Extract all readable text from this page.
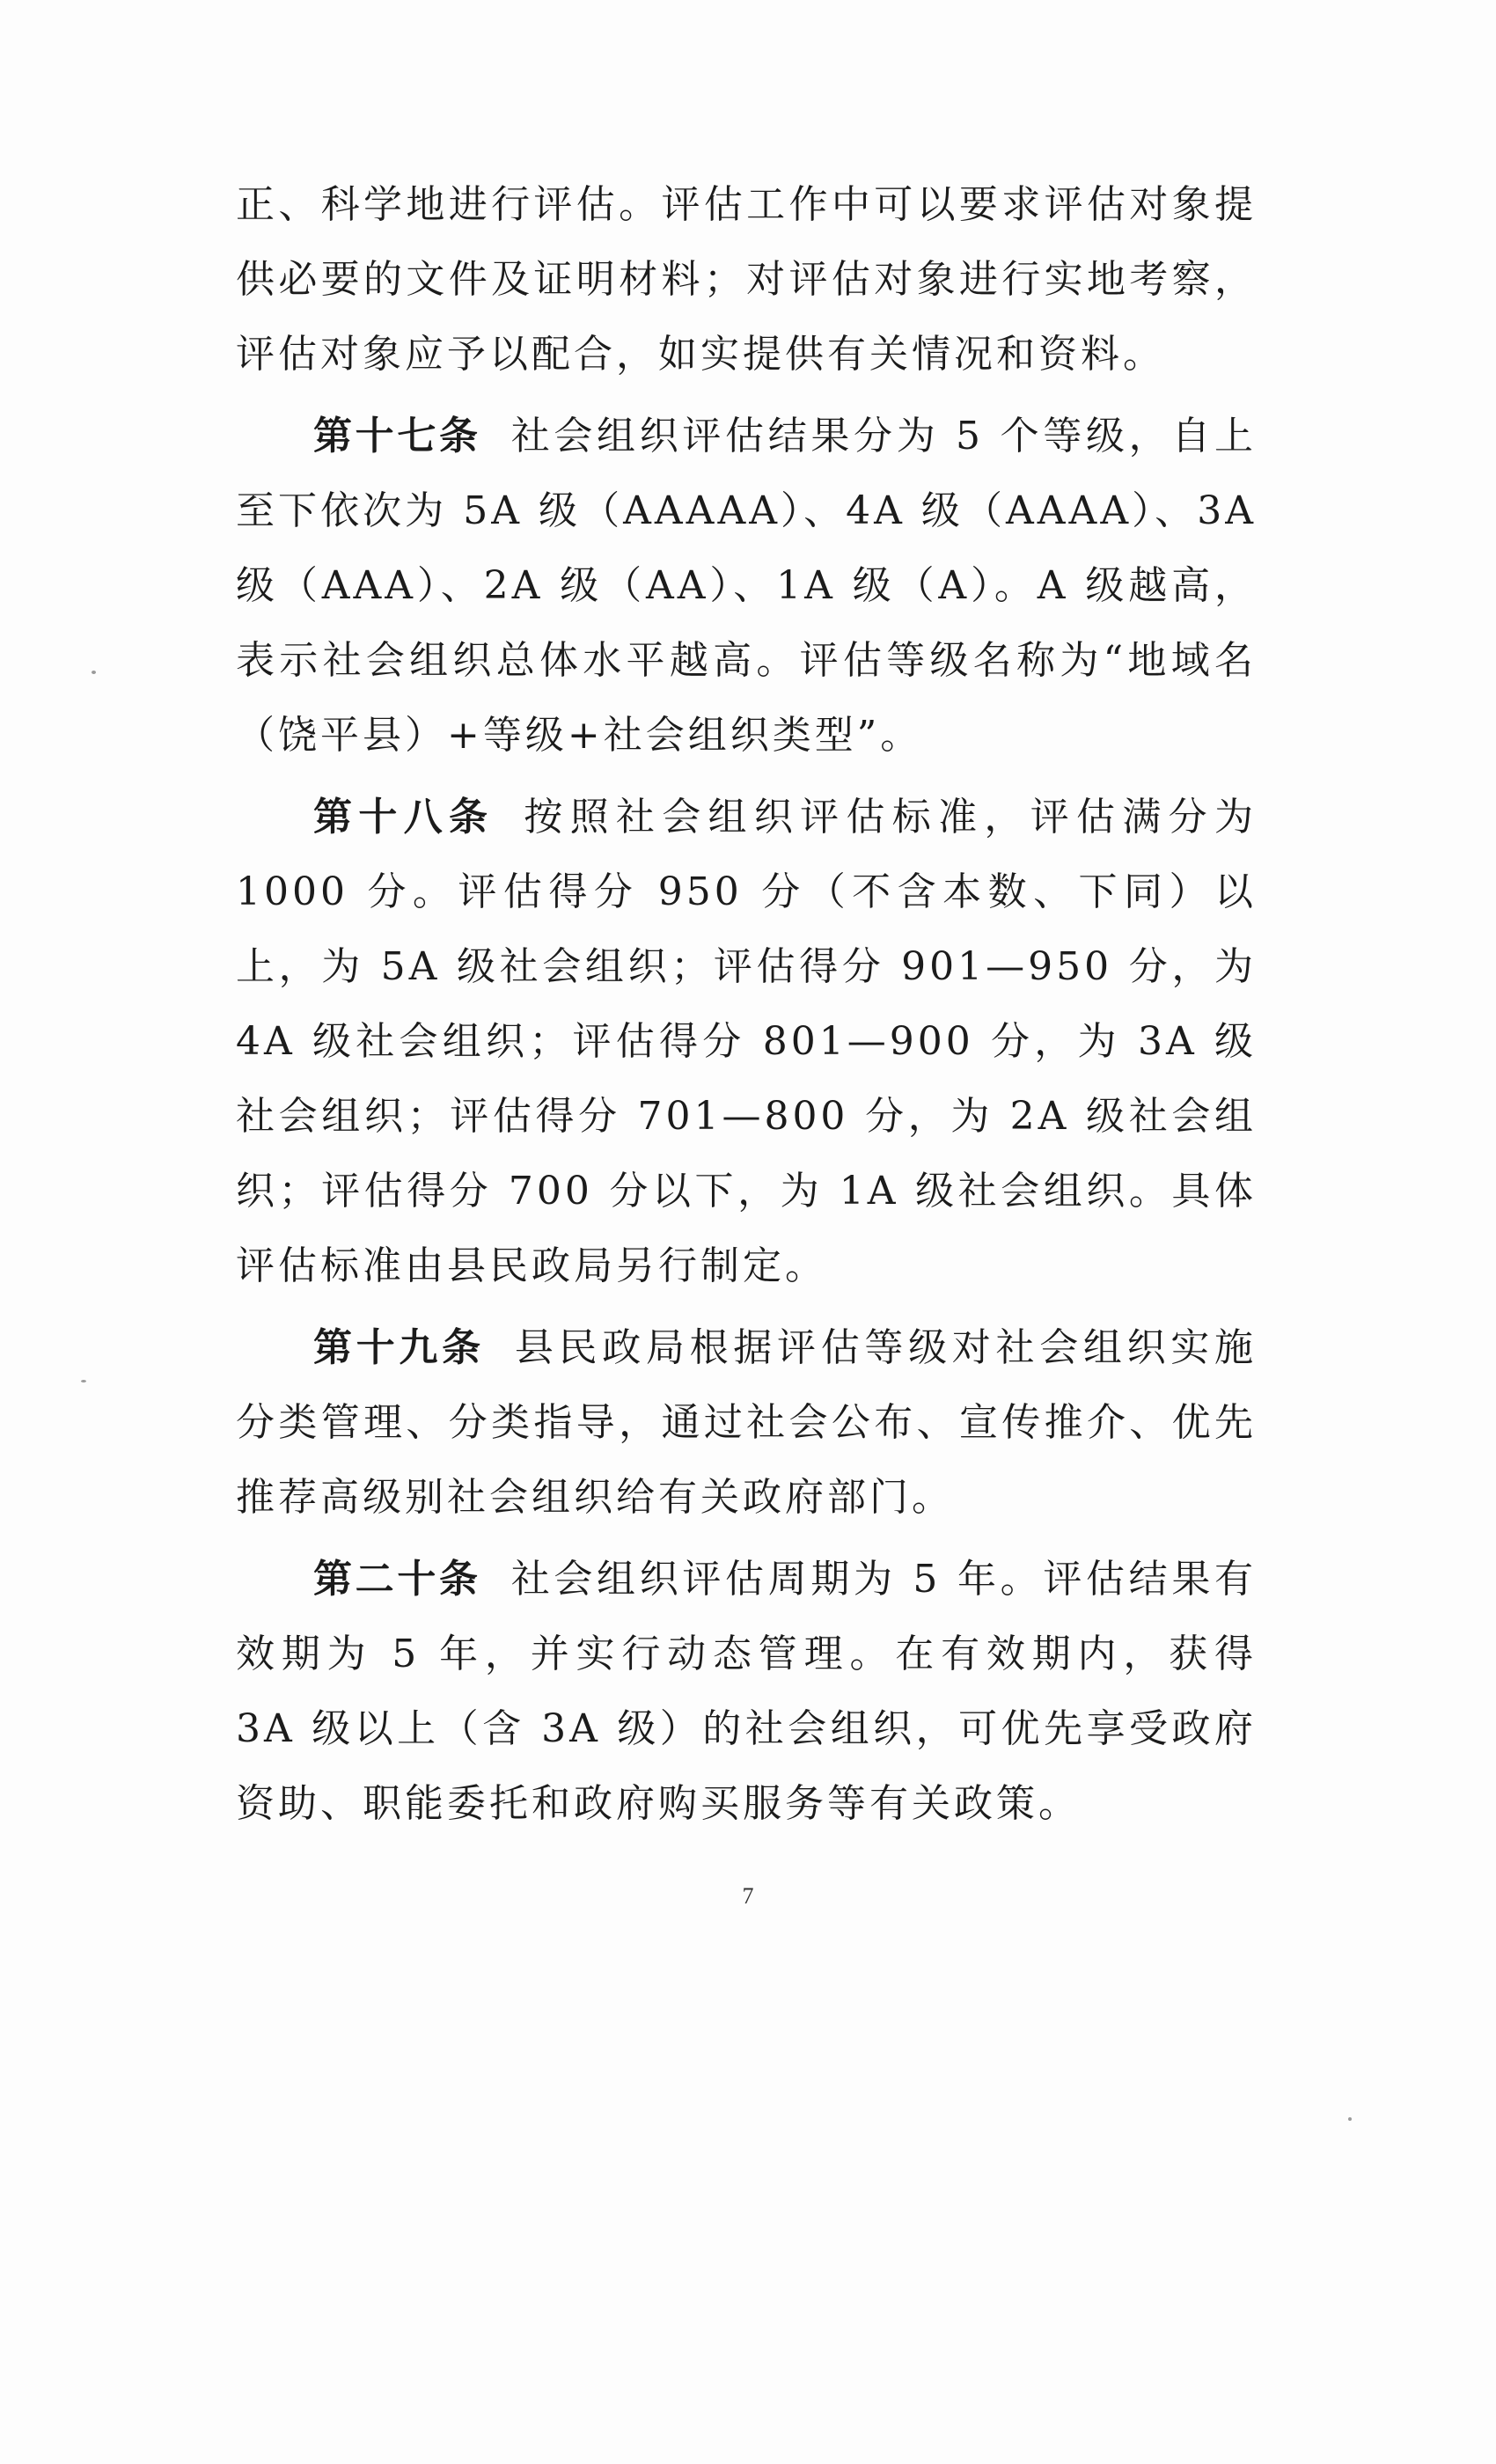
正、科学地进行评估。评估工作中可以要求评估对象提供必要的文件及证明材料；对评估对象进行实地考察，评估对象应予以配合，如实提供有关情况和资料。

第十七条 社会组织评估结果分为 5 个等级，自上至下依次为 5A 级（AAAAA）、4A 级（AAAA）、3A 级（AAA）、2A 级（AA）、1A 级（A）。A 级越高，表示社会组织总体水平越高。评估等级名称为“地域名（饶平县）+等级+社会组织类型”。

第十八条 按照社会组织评估标准，评估满分为 1000 分。评估得分 950 分（不含本数、下同）以上，为 5A 级社会组织；评估得分 901—950 分，为 4A 级社会组织；评估得分 801—900 分，为 3A 级社会组织；评估得分 701—800 分，为 2A 级社会组织；评估得分 700 分以下，为 1A 级社会组织。具体评估标准由县民政局另行制定。

第十九条 县民政局根据评估等级对社会组织实施分类管理、分类指导，通过社会公布、宣传推介、优先推荐高级别社会组织给有关政府部门。

第二十条 社会组织评估周期为 5 年。评估结果有效期为 5 年，并实行动态管理。在有效期内，获得 3A 级以上（含 3A 级）的社会组织，可优先享受政府资助、职能委托和政府购买服务等有关政策。

7
